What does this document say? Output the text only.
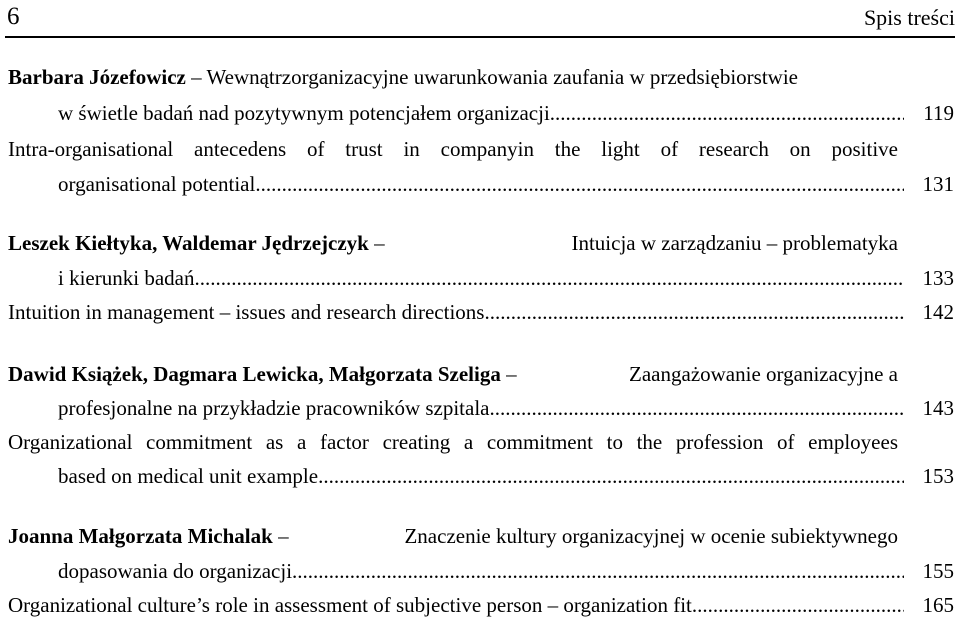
6	Spis treści
Barbara Józefowicz – Wewnątrzorganizacyjne uwarunkowania zaufania w przedsiębiorstwie
w świetle badań nad pozytywnym potencjałem organizacji. .....	119
Intra-organisational antecedens of trust in companyin the light of research on positive
organisational potential .....	131
Leszek Kiełtyka, Waldemar Jędrzejczyk –	Intuicja w zarządzaniu – problematyka
i kierunki badań .....	133
Intuition in management – issues and research directions .....	142
Dawid Książek, Dagmara Lewicka, Małgorzata Szeliga –	Zaangażowanie organizacyjne a
profesjonalne na przykładzie pracowników szpitala .....	143
Organizational commitment as a factor creating a commitment to the profession of employees
based on medical unit example .....	153
Joanna Małgorzata Michalak –	Znaczenie kultury organizacyjnej w ocenie subiektywnego
dopasowania do organizacji .....	155
Organizational culture’s role in assessment of subjective person – organization fit .....	165
